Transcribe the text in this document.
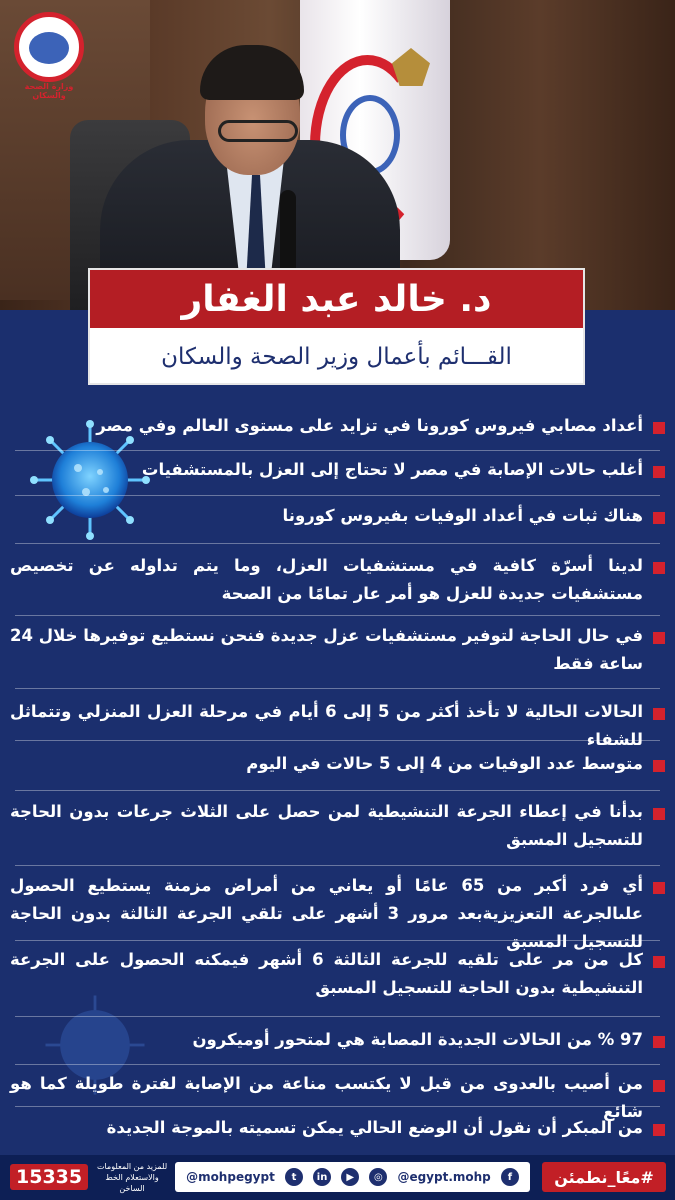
وزارة الصحة والسكان
د. خالد عبد الغفار
القـــائم بأعمال وزير الصحة والسكان
أعداد مصابي فيروس كورونا في تزايد على مستوى العالم وفي مصر
أغلب حالات الإصابة في مصر لا تحتاج إلى العزل بالمستشفيات
هناك ثبات في أعداد الوفيات بفيروس كورونا
لدينا أسرّة كافية في مستشفيات العزل، وما يتم تداوله عن تخصيص مستشفيات جديدة للعزل هو أمر عار تمامًا من الصحة
في حال الحاجة لتوفير مستشفيات عزل جديدة فنحن نستطيع توفيرها خلال 24 ساعة فقط
الحالات الحالية لا تأخذ أكثر من 5 إلى 6 أيام في مرحلة العزل المنزلي وتتماثل للشفاء
متوسط عدد الوفيات من 4 إلى 5 حالات في اليوم
بدأنا في إعطاء الجرعة التنشيطية لمن حصل على الثلاث جرعات بدون الحاجة للتسجيل المسبق
أي فرد أكبر من 65 عامًا أو يعاني من أمراض مزمنة يستطيع الحصول علىالجرعة التعزيزيةبعد مرور 3 أشهر على تلقي الجرعة الثالثة بدون الحاجة للتسجيل المسبق
كل من مر على تلقيه للجرعة الثالثة 6 أشهر فيمكنه الحصول على الجرعة التنشيطية بدون الحاجة للتسجيل المسبق
97 % من الحالات الجديدة المصابة هي لمتحور أوميكرون
من أصيب بالعدوى من قبل لا يكتسب مناعة من الإصابة لفترة طويلة كما هو شائع
من المبكر أن نقول أن الوضع الحالي يمكن تسميته بالموجة الجديدة
#معًا_نطمئن
@mohpegypt	t	in	▶	◎	@egypt.mohp	f
15335	للمزيد من المعلومات والاستعلام الخط الساخن
